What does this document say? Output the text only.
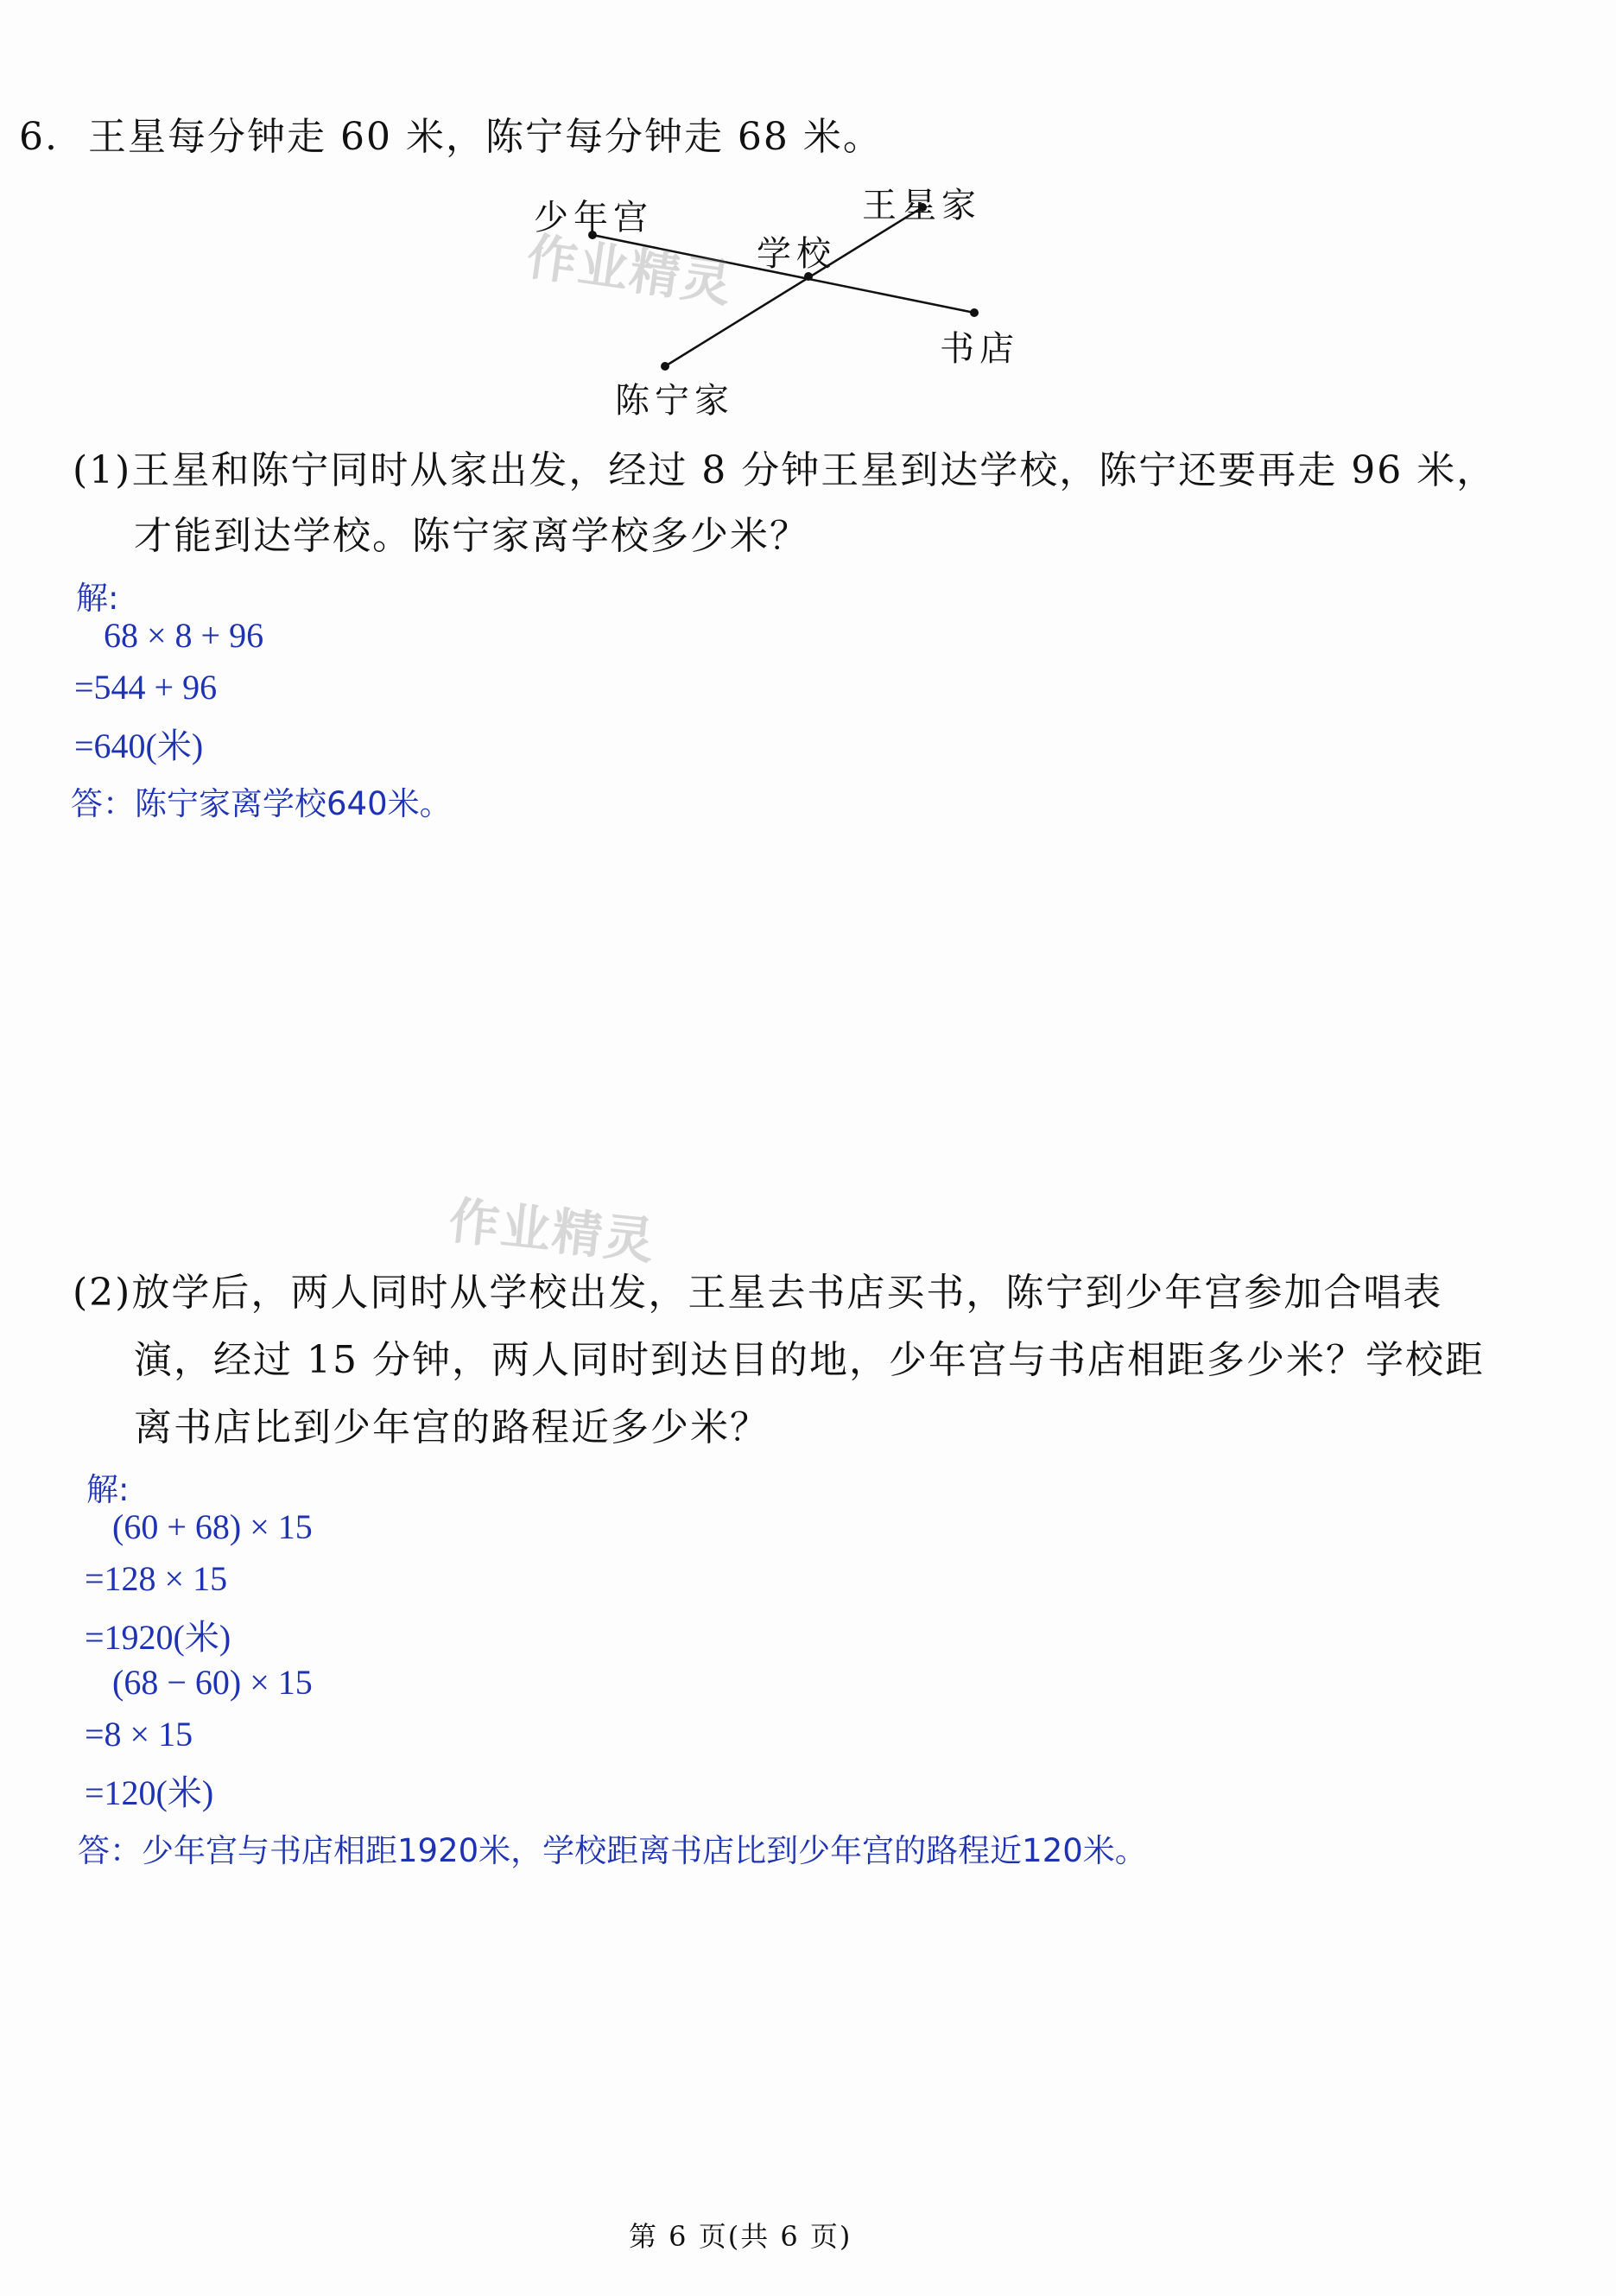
6. 王星每分钟走 60 米，陈宁每分钟走 68 米。
少年宫	王星家
学校
书店
陈宁家
作业精灵
作业精灵
(1)王星和陈宁同时从家出发，经过 8 分钟王星到达学校，陈宁还要再走 96 米，
才能到达学校。陈宁家离学校多少米？
解:
68 × 8 + 96
=544 + 96
=640(米)
答：陈宁家离学校640米。
(2)放学后，两人同时从学校出发，王星去书店买书，陈宁到少年宫参加合唱表
演，经过 15 分钟，两人同时到达目的地，少年宫与书店相距多少米？学校距
离书店比到少年宫的路程近多少米？
解:
(60 + 68) × 15
=128 × 15
=1920(米)
(68 − 60) × 15
=8 × 15
=120(米)
答：少年宫与书店相距1920米，学校距离书店比到少年宫的路程近120米。
第 6 页(共 6 页)
